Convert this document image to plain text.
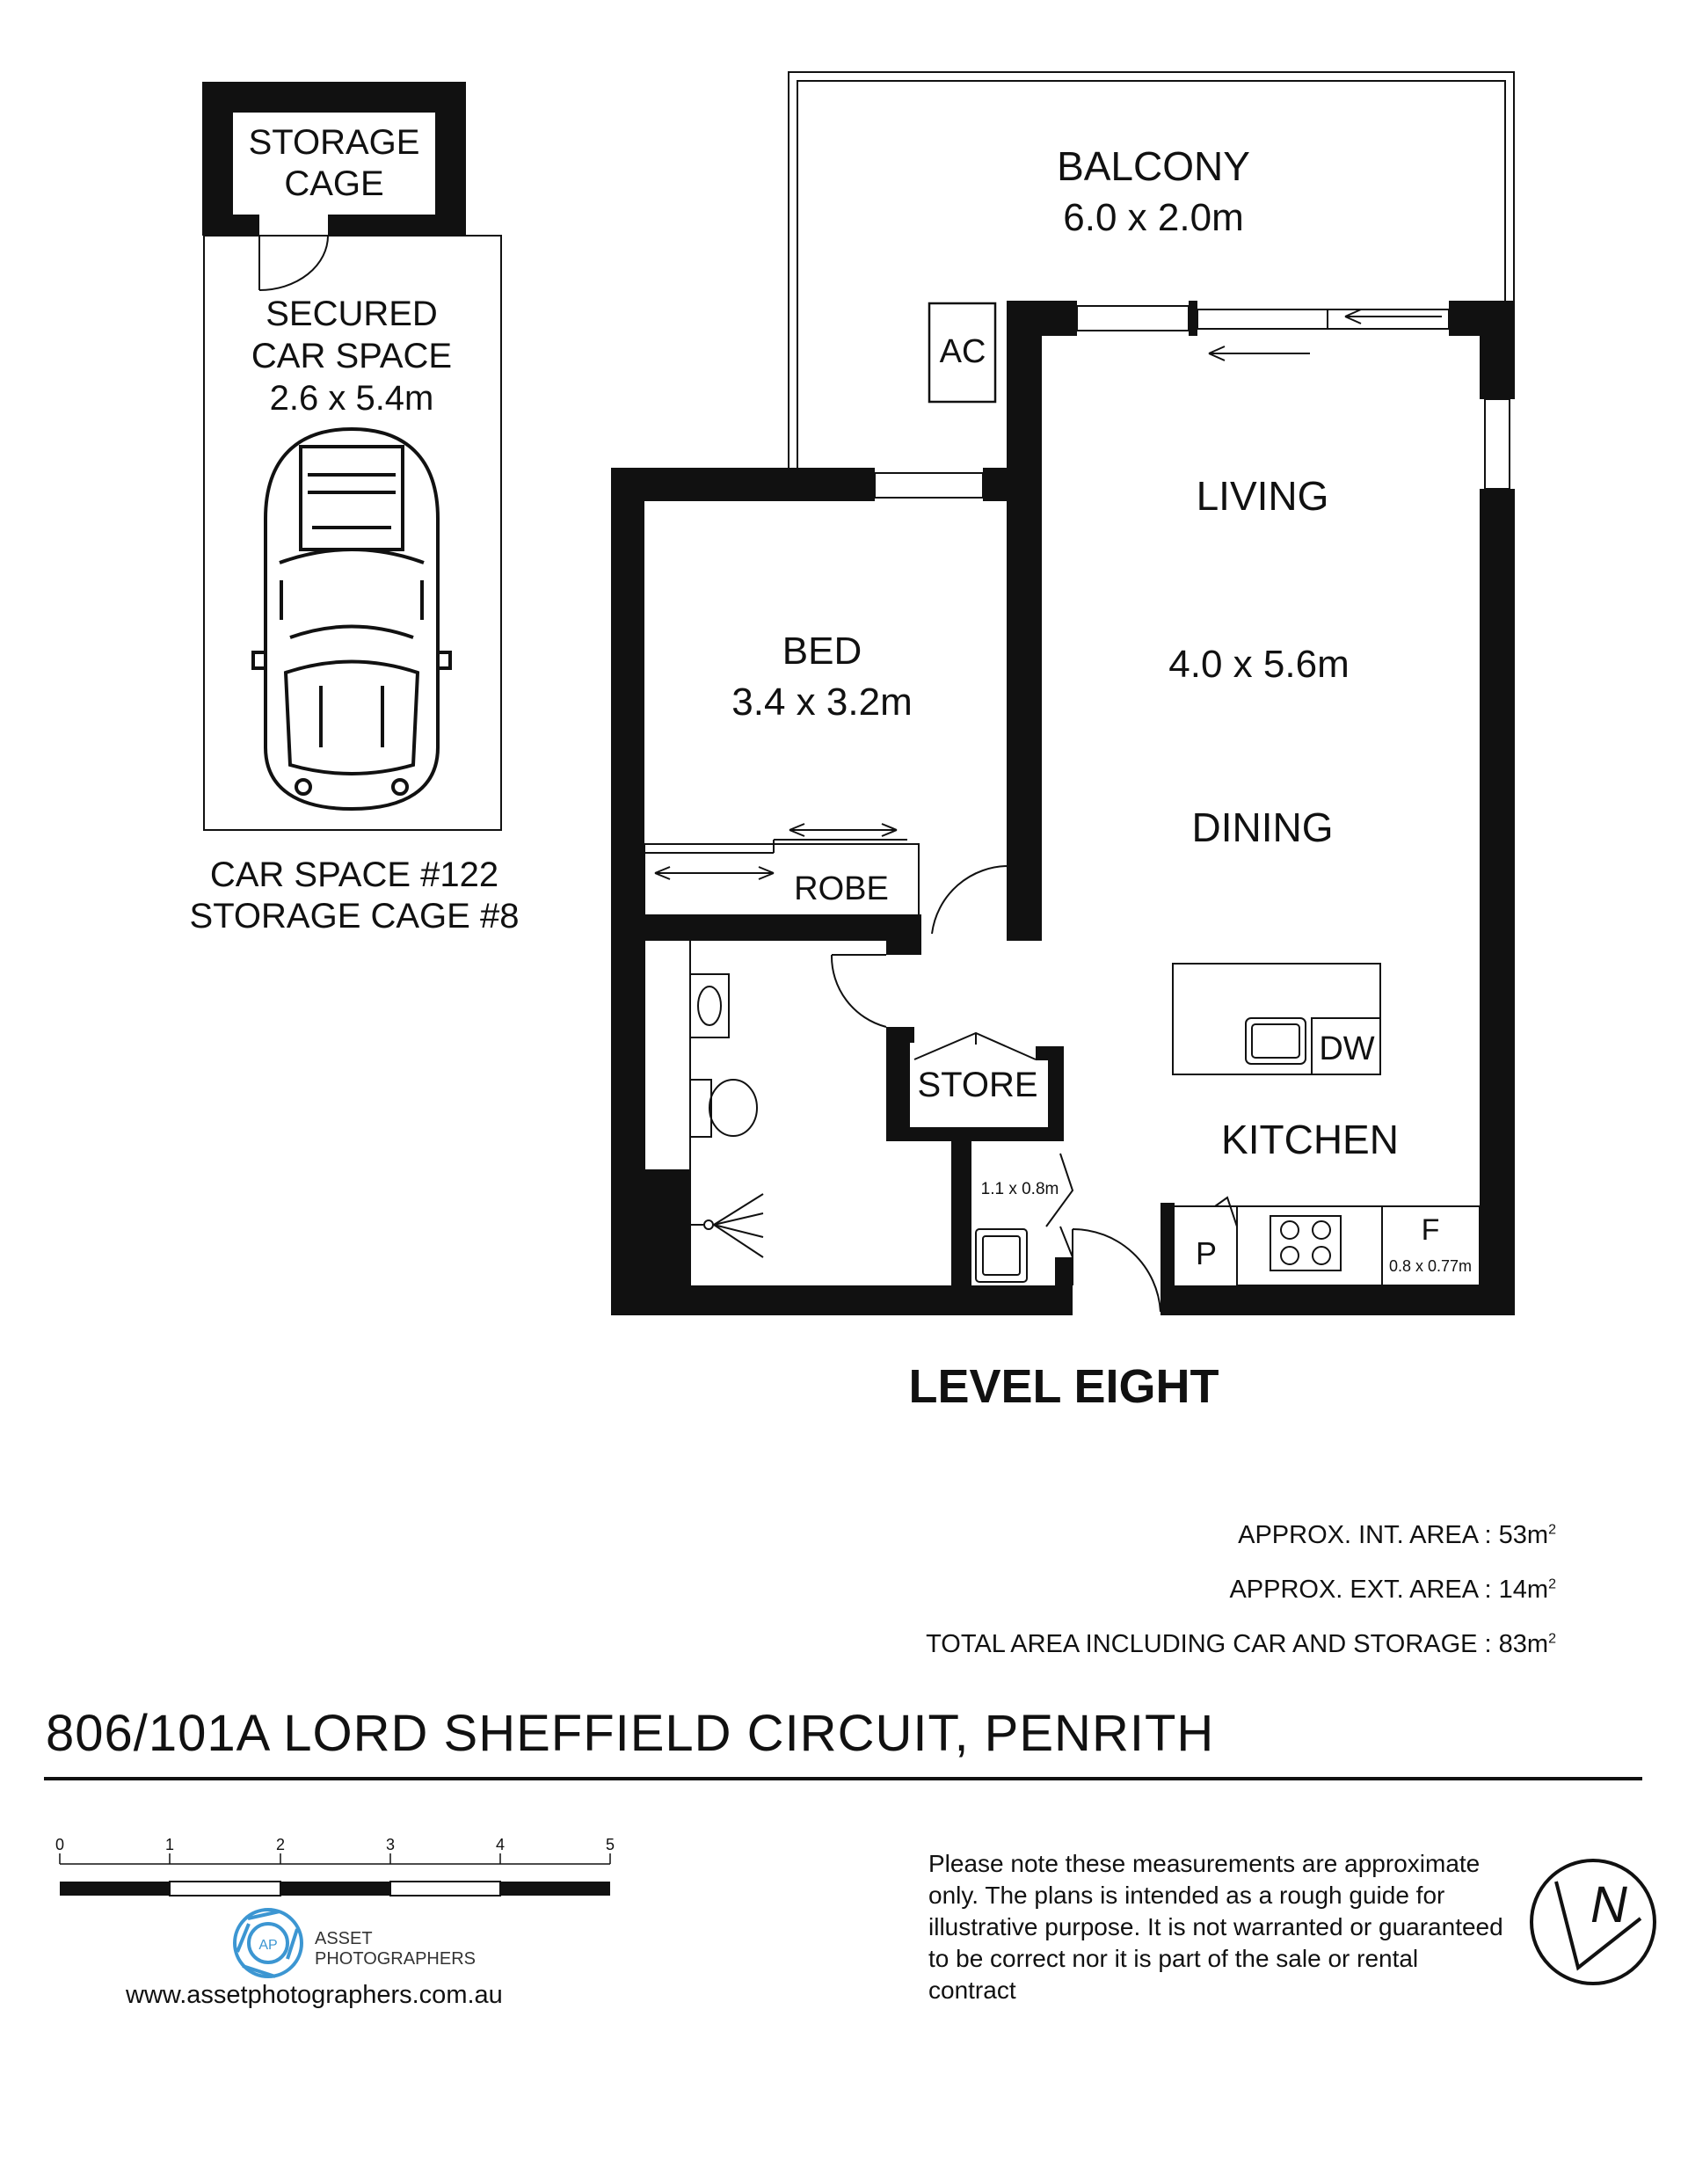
STORAGE
CAGE
SECURED
CAR SPACE
2.6 x 5.4m
CAR SPACE #122
STORAGE CAGE #8
BALCONY
6.0 x 2.0m
AC
BED
3.4 x 3.2m
ROBE
STORE
1.1 x 0.8m
LIVING
4.0 x 5.6m
DINING
DW
KITCHEN
P
F
0.8 x 0.77m
LEVEL EIGHT
0	1	2	3	4	5
AP
N
APPROX. INT. AREA : $53m^2$
APPROX. EXT. AREA : $14m^2$
TOTAL AREA INCLUDING CAR AND STORAGE : $83m^2$
806/101A LORD SHEFFIELD CIRCUIT, PENRITH
ASSET
PHOTOGRAPHERS
www.assetphotographers.com.au
Please note these measurements are approximate only. The plans is intended as a rough guide for illustrative purpose. It is not warranted or guaranteed to be correct nor it is part of the sale or rental contract
